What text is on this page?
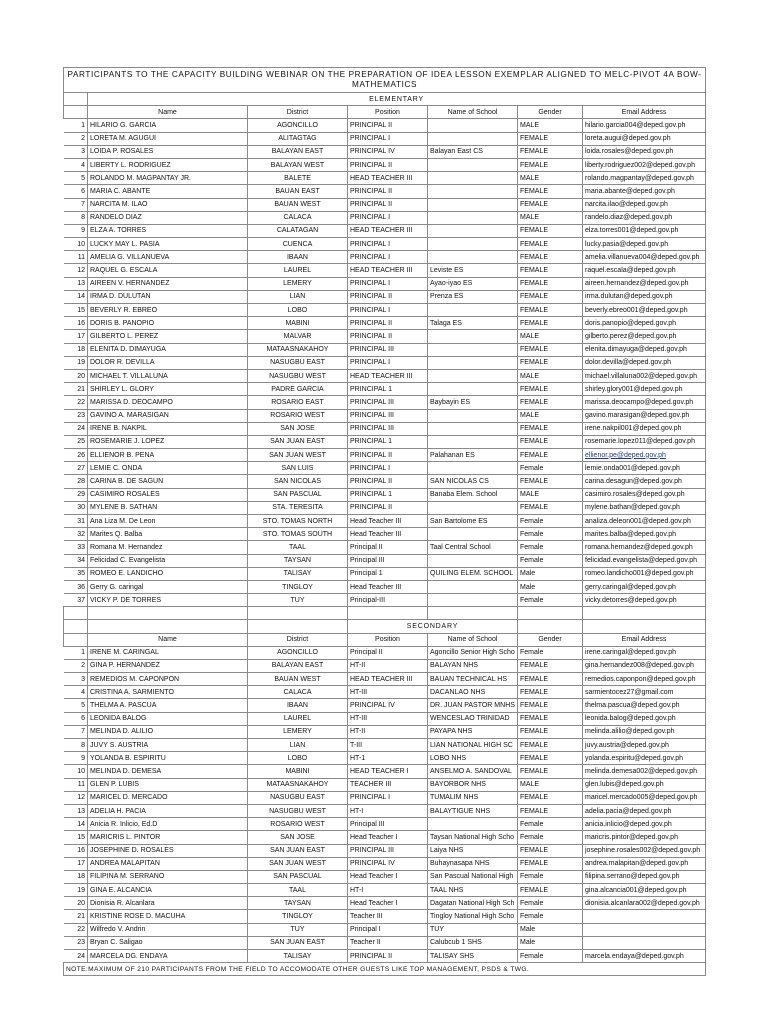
PARTICIPANTS TO THE CAPACITY BUILDING WEBINAR ON THE PREPARATION OF IDEA LESSON EXEMPLAR ALIGNED TO MELC-PIVOT 4A BOW-MATHEMATICS						
	ELEMENTARY					
	Name	District	Position	Name of School	Gender	Email Address
1	HILARIO G. GARCIA	AGONCILLO	PRINCIPAL II		MALE	hilario.garcia004@deped.gov.ph
2	LORETA M. AGUGUI	ALITAGTAG	PRINCIPAL I		FEMALE	loreta.augui@deped.gov.ph
3	LOIDA P. ROSALES	BALAYAN EAST	PRINCIPAL IV	Balayan East CS	FEMALE	loida.rosales@deped.gov.ph
4	LIBERTY L. RODRIGUEZ	BALAYAN WEST	PRINCIPAL II		FEMALE	liberty.rodriguez002@deped.gov.ph
5	ROLANDO M. MAGPANTAY JR.	BALETE	HEAD TEACHER III		MALE	rolando.magpantay@deped.gov.ph
6	MARIA C. ABANTE	BAUAN EAST	PRINCIPAL II		FEMALE	maria.abante@deped.gov.ph
7	NARCITA M. ILAO	BAUAN WEST	PRINCIPAL II		FEMALE	narcita.ilao@deped.gov.ph
8	RANDELO DIAZ	CALACA	PRINCIPAL I		MALE	randelo.diaz@deped.gov.ph
9	ELZA A. TORRES	CALATAGAN	HEAD TEACHER III		FEMALE	elza.torres001@deped.gov.ph
10	LUCKY MAY L. PASIA	CUENCA	PRINCIPAL I		FEMALE	lucky.pasia@deped.gov.ph
11	AMELIA G. VILLANUEVA	IBAAN	PRINCIPAL I		FEMALE	amelia.villanueva004@deped.gov.ph
12	RAQUEL G. ESCALA	LAUREL	HEAD TEACHER III	Leviste ES	FEMALE	raquel.escala@deped.gov.ph
13	AIREEN V. HERNANDEZ	LEMERY	PRINCIPAL I	Ayao-iyao ES	FEMALE	aireen.hernandez@deped.gov.ph
14	IRMA D. DULUTAN	LIAN	PRINCIPAL II	Prenza ES	FEMALE	irma.dulutan@deped.gov.ph
15	BEVERLY R. EBREO	LOBO	PRINCIPAL I		FEMALE	beverly.ebreo001@deped.gov.ph
16	DORIS B. PANOPIO	MABINI	PRINCIPAL II	Talaga ES	FEMALE	doris.panopio@deped.gov.ph
17	GILBERTO L. PEREZ	MALVAR	PRINCIPAL II		MALE	gilberto.perez@deped.gov.ph
18	ELENITA D. DIMAYUGA	MATAASNAKAHOY	PRINCIPAL III		FEMALE	elenita.dimayuga@deped.gov.ph
19	DOLOR R. DEVILLA	NASUGBU EAST	PRINCIPAL I		FEMALE	dolor.devilla@deped.gov.ph
20	MICHAEL T. VILLALUNA	NASUGBU WEST	HEAD TEACHER III		MALE	michael.villaluna002@deped.gov.ph
21	SHIRLEY L. GLORY	PADRE GARCIA	PRINCIPAL 1		FEMALE	shirley.glory001@deped.gov.ph
22	MARISSA D. DEOCAMPO	ROSARIO EAST	PRINCIPAL III	Baybayin ES	FEMALE	marissa.deocampo@deped.gov.ph
23	GAVINO A. MARASIGAN	ROSARIO WEST	PRINCIPAL III		MALE	gavino.marasigan@deped.gov.ph
24	IRENE B. NAKPIL	SAN JOSE	PRINCIPAL III		FEMALE	irene.nakpil001@deped.gov.ph
25	ROSEMARIE J. LOPEZ	SAN JUAN EAST	PRINCIPAL 1		FEMALE	rosemarie.lopez011@deped.gov.ph
26	ELLIENOR B. PENA	SAN JUAN WEST	PRINCIPAL II	Palahanan ES	FEMALE	ellienor.pe@deped.gov.ph
27	LEMIE C. ONDA	SAN LUIS	PRINCIPAL I		Female	lemie.onda001@deped.gov.ph
28	CARINA B. DE SAGUN	SAN NICOLAS	PRINCIPAL II	SAN NICOLAS CS	FEMALE	carina.desagun@deped.gov.ph
29	CASIMIRO ROSALES	SAN PASCUAL	PRINCIPAL 1	Banaba Elem. School	MALE	casimiro.rosales@deped.gov.ph
30	MYLENE B. SATHAN	STA. TERESITA	PRINCIPAL II		FEMALE	mylene.bathan@deped.gov.ph
31	Ana Liza M. De Leon	STO. TOMAS NORTH	Head Teacher III	San Bartolome ES	Female	analiza.deleon001@deped.gov.ph
32	Marites Q. Balba	STO. TOMAS SOUTH	Head Teacher III		Female	marites.balba@deped.gov.ph
33	Romana M. Hernandez	TAAL	Principal II	Taal Central School	Female	romana.hernandez@deped.gov.ph
34	Felicidad C. Evangelista	TAYSAN	Principal III		Female	felicidad.evangelista@deped.gov.ph
35	ROMEO E. LANDICHO	TALISAY	Principal 1	QUILING ELEM. SCHOOL	Male	romeo.landicho001@deped.gov.ph
36	Gerry G. caringal	TINGLOY	Head Teacher III		Male	gerry.caringal@deped.gov.ph
37	VICKY P. DE TORRES	TUY	Principal-III		Female	vicky.detorres@deped.gov.ph

			SECONDARY			
	Name	District	Position	Name of School	Gender	Email Address
1	IRENE M. CARINGAL	AGONCILLO	Principal II	Agoncillo Senior High Scho	Female	irene.caringal@deped.gov.ph
2	GINA P. HERNANDEZ	BALAYAN EAST	HT-II	BALAYAN NHS	FEMALE	gina.hernandez008@deped.gov.ph
3	REMEDIOS M. CAPONPON	BAUAN WEST	HEAD TEACHER III	BAUAN TECHNICAL HS	FEMALE	remedios.caponpon@deped.gov.ph
4	CRISTINA A. SARMIENTO	CALACA	HT-III	DACANLAO NHS	FEMALE	sarmientocez27@gmail.com
5	THELMA A. PASCUA	IBAAN	PRINCIPAL IV	DR. JUAN PASTOR MNHS	FEMALE	thelma.pascua@deped.gov.ph
6	LEONIDA BALOG	LAUREL	HT-III	WENCESLAO TRINIDAD	FEMALE	leonida.balog@deped.gov.ph
7	MELINDA D. ALILIO	LEMERY	HT-II	PAYAPA NHS	FEMALE	melinda.alilio@deped.gov.ph
8	JUVY S. AUSTRIA	LIAN	T-III	LIAN NATIONAL HIGH SC	FEMALE	juvy.austria@deped.gov.ph
9	YOLANDA B. ESPIRITU	LOBO	HT-1	LOBO NHS	FEMALE	yolanda.espiritu@deped.gov.ph
10	MELINDA D. DEMESA	MABINI	HEAD TEACHER I	ANSELMO A. SANDOVAL	FEMALE	melinda.demesa002@deped.gov.ph
11	GLEN P. LUBIS	MATAASNAKAHOY	TEACHER III	BAYORBOR NHS	MALE	glen.lubis@deped.gov.ph
12	MARICEL D. MERCADO	NASUGBU EAST	PRINCIPAL I	TUMALIM NHS	FEMALE	maricel.mercado005@deped.gov.ph
13	ADELIA H. PACIA	NASUGBU WEST	HT-I	BALAYTIGUE NHS	FEMALE	adelia.pacia@deped.gov.ph
14	Anicia R. Inlicio, Ed.D	ROSARIO WEST	Principal III		Female	anicia.inlicio@deped.gov.ph
15	MARICRIS L. PINTOR	SAN JOSE	Head Teacher I	Taysan National High Scho	Female	maricris.pintor@deped.gov.ph
16	JOSEPHINE D. ROSALES	SAN JUAN EAST	PRINCIPAL III	Laiya NHS	FEMALE	josephine.rosales002@deped.gov.ph
17	ANDREA MALAPITAN	SAN JUAN WEST	PRINCIPAL IV	Buhaynasapa NHS	FEMALE	andrea.malapitan@deped.gov.ph
18	FILIPINA M. SERRANO	SAN PASCUAL	Head Teacher I	San Pascual National High	Female	filipina.serrano@deped.gov.ph
19	GINA E. ALCANCIA	TAAL	HT-I	TAAL NHS	FEMALE	gina.alcancia001@deped.gov.ph
20	Dionisia R. Alcanlara	TAYSAN	Head Teacher I	Dagatan National High Sch	Female	dionisia.alcanlara002@deped.gov.ph
21	KRISTINE ROSE D. MACUHA	TINGLOY	Teacher III	Tingloy National High Scho	Female	
22	Wilfredo V. Andrin	TUY	Principal I	TUY	Male	
23	Bryan C. Saligao	SAN JUAN EAST	Teacher II	Calubcub 1 SHS	Male	
24	MARCELA DG. ENDAYA	TALISAY	PRINCIPAL II	TALISAY SHS	Female	marcela.endaya@deped.gov.ph
NOTE:MAXIMUM OF 210 PARTICIPANTS FROM THE FIELD TO ACCOMODATE OTHER GUESTS LIKE TOP MANAGEMENT, PSDS & TWG.						
